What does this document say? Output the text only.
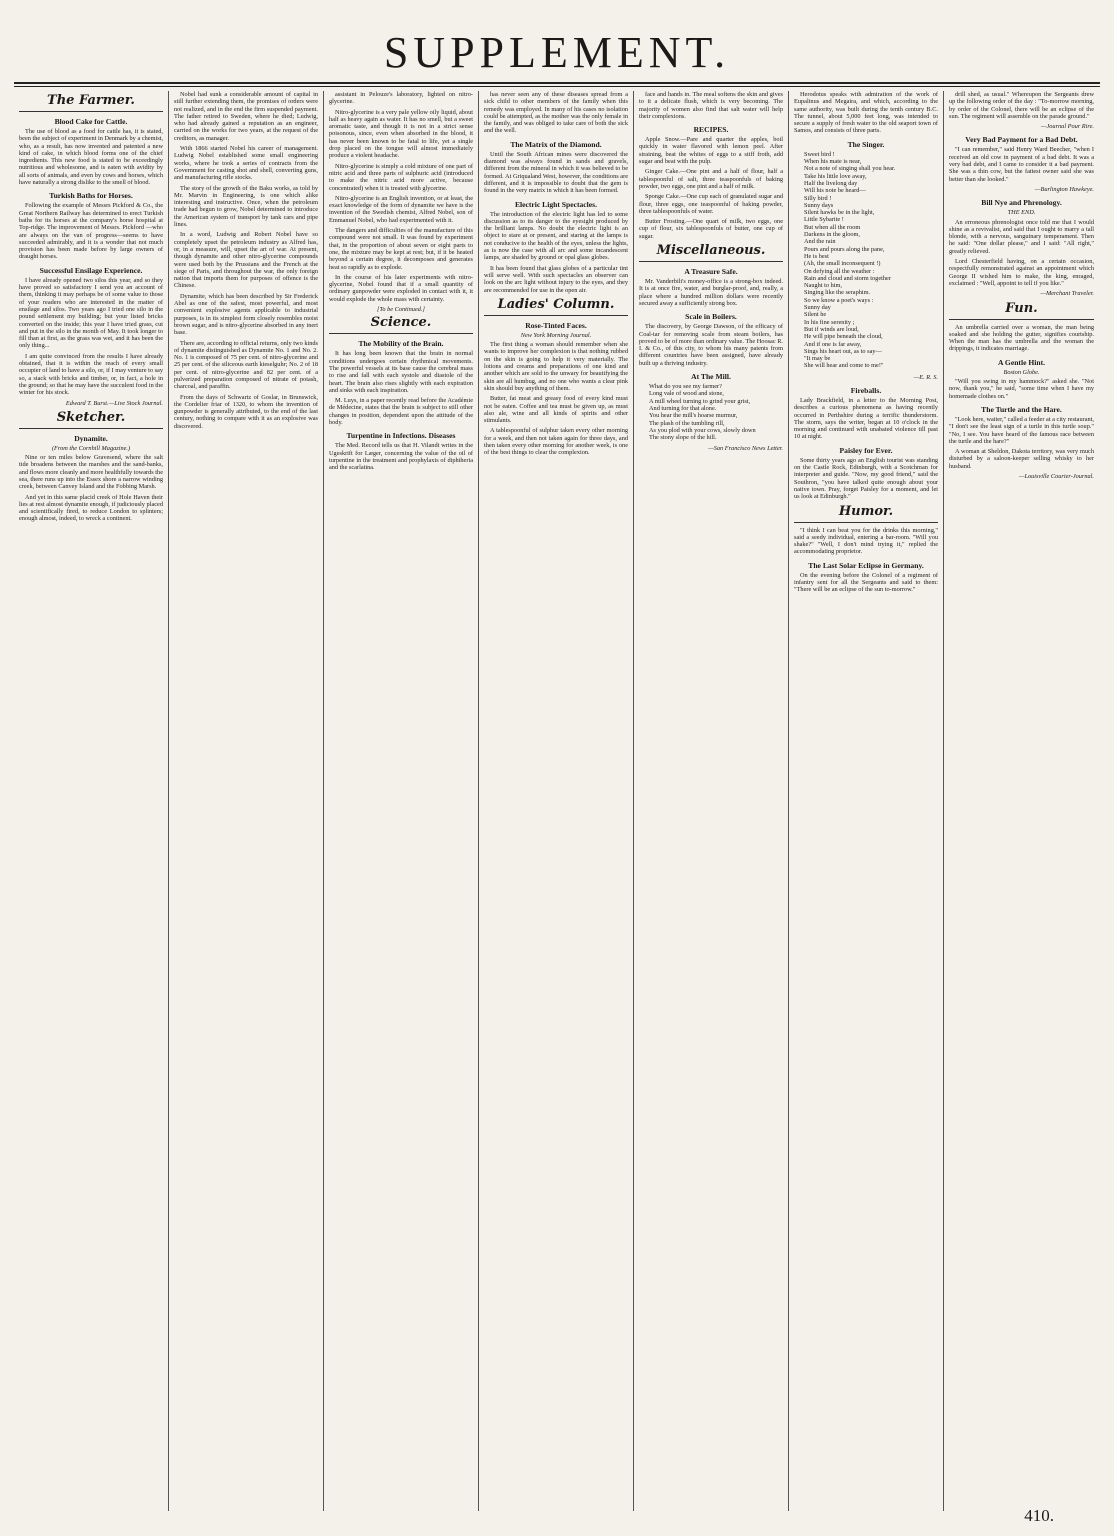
SUPPLEMENT.
The Farmer.
Blood Cake for Cattle.

The use of blood as a food for cattle has, it is stated, been the subject of experiment in Denmark by a chemist, who, as a result, has now invented and patented a new kind of cake, in which blood forms one of the chief ingredients. This new food is stated to be exceedingly nutritious and wholesome, and is eaten with avidity by all sorts of animals, and even by cows and horses, which have naturally a strong dislike to the smell of blood.

Turkish Baths for Horses.

Following the example of Messrs Pickford & Co., the Great Northern Railway has determined to erect Turkish baths for its horses at the company's horse hospital at Top-ridge. The improvement of Messrs. Pickford —who are always on the van of progress—seems to have succeeded admirably, and it is a wonder that not much provision has been made before by large owners of draught horses.

Successful Ensilage Experience.

I have already opened two silos this year, and so they have proved so satisfactory I send you an account of them, thinking it may perhaps be of some value to those of your readers who are interested in the matter of ensilage and silos. Two years ago I tried one silo in the pound settlement my building; but your listed bricks converted on the inside; this year I have tried grass, cut and put in the silo in the month of May. It took longer to fill than at first, as the grass was wet, and it has been the only thing...

I am quite convinced from the results I have already obtained, that it is within the reach of every small occupier of land to have a silo, or, if I may venture to say so, a stack with bricks and timber, or, in fact, a hole in the ground; so that he may have the succulent food in the winter for his stock.

Edward T. Burst.—Live Stock Journal.
Sketcher.
Dynamite.
(From the Cornhill Magazine.)

Nine or ten miles below Gravesend, where the salt tide broadens between the marshes and the sand-banks, and flows more cleanly and more healthfully towards the sea, there runs up into the Essex shore a narrow winding creek, between Canvey Island and the Fobbing Marsh.

And yet in this same placid creek of Hole Haven their lies at rest almost dynamite enough, if judiciously placed and scientifically fired, to reduce London to splinters; enough almost, indeed, to wreck a continent.

Nobel had sunk a considerable amount of capital in still further extending them, the promises of orders were not realized, and in the end the firm suspended payment. The father retired to Sweden, where he died; Ludwig, who had already gained a reputation as an engineer, carried on the works for two years, at the request of the creditors, as manager.

With 1866 started Nobel his career of management. Ludwig Nobel established some small engineering works, where he took a series of contracts from the Government for casting shot and shell, converting guns, and manufacturing rifle stocks.

The story of the growth of the Baku works, as told by Mr. Marvin in Engineering, is one which alike interesting and instructive. Once, when the petroleum trade had begun to grow, Nobel determined to introduce the American system of transport by tank cars and pipe lines.

In a word, Ludwig and Robert Nobel have so completely upset the petroleum industry as Alfred has, or, in a measure, will, upset the art of war. At present, though dynamite and other nitro-glycerine compounds were used both by the Prussians and the French at the siege of Paris, and throughout the war, the only foreign nation that imports them for purposes of offence is the Chinese.

Dynamite, which has been described by Sir Frederick Abel as one of the safest, most powerful, and most convenient explosive agents applicable to industrial purposes, is in its simplest form closely resembles moist brown sugar, and is nitro-glycerine absorbed in any inert base.

There are, according to official returns, only two kinds of dynamite distinguished as Dynamite No. 1 and No. 2. No. 1 is composed of 75 per cent. of nitro-glycerine and 25 per cent. of the siliceous earth kieselguhr; No. 2 of 18 per cent. of nitro-glycerine and 82 per cent. of a pulverized preparation composed of nitrate of potash, charcoal, and paraffin.

From the days of Schwartz of Goslar, in Brunswick, the Cordelier friar of 1320, to whom the invention of gunpowder is generally attributed, to the end of the last century, nothing to compare with it as an explosive was discovered.

assistant in Pelouze's laboratory, lighted on nitro-glycerine.

Nitro-glycerine is a very pale yellow oily liquid, about half as heavy again as water. It has no smell, but a sweet aromatic taste, and though it is not in a strict sense poisonous, since, even when absorbed in the blood, it has never been known to be fatal to life, yet a single drop placed on the tongue will almost immediately produce a violent headache.

Nitro-glycerine is simply a cold mixture of one part of nitric acid and three parts of sulphuric acid (introduced to make the nitric acid more active, because concentrated) when it is treated with glycerine.

Nitro-glycerine is an English invention, or at least, the exact knowledge of the form of dynamite we have is the invention of the Swedish chemist, Alfred Nobel, son of Emmanuel Nobel, who had experimented with it.

The dangers and difficulties of the manufacture of this compound were not small. It was found by experiment that, in the proportion of about seven or eight parts to one, the mixture may be kept at rest; but, if it be heated beyond a certain degree, it decomposes and generates heat so rapidly as to explode.

In the course of his later experiments with nitro-glycerine, Nobel found that if a small quantity of ordinary gunpowder were exploded in contact with it, it would explode the whole mass with certainty.

[To be Continued.]
Science.
The Mobility of the Brain.

It has long been known that the brain in normal conditions undergoes certain rhythmical movements. The powerful vessels at its base cause the cerebral mass to rise and fall with each systole and diastole of the heart. The brain also rises slightly with each expiration and sinks with each inspiration.

M. Luys, in a paper recently read before the Académie de Médecine, states that the brain is subject to still other changes in position, dependent upon the attitude of the body.

Turpentine in Infections. Diseases

The Med. Record tells us that H. Vilandt writes in the Ugeskrift for Læger, concerning the value of the oil of turpentine in the treatment and prophylaxis of diphtheria and the scarlatina.

has never seen any of these diseases spread from a sick child to other members of the family when this remedy was employed. In many of his cases no isolation could be attempted, as the mother was the only female in the family, and was obliged to take care of both the sick and the well.

The Matrix of the Diamond.

Until the South African mines were discovered the diamond was always found in sands and gravels, different from the mineral in which it was believed to be formed. At Griqualand West, however, the conditions are different, and it is impossible to doubt that the gem is found in the very matrix in which it has been formed.

Electric Light Spectacles.

The introduction of the electric light has led to some discussion as to its danger to the eyesight produced by the brilliant lamps. No doubt the electric light is an object to stare at or present, and staring at the lamps is not conducive to the health of the eyes, unless the lights, as is now the case with all arc and some incandescent lamps, are shaded by ground or opal glass globes.

It has been found that glass globes of a particular tint will serve well. With such spectacles an observer can look on the arc light without injury to the eyes, and they are recommended for use in the open air.

Ladies' Column.
Rose-Tinted Faces.
New York Morning Journal.

The first thing a woman should remember when she wants to improve her complexion is that nothing rubbed on the skin is going to help it very materially. The lotions and creams and preparations of one kind and another which are sold to the unwary for beautifying the skin are all humbug, and no one who wants a clear pink skin should buy anything of them.

Butter, fat meat and greasy food of every kind must not be eaten. Coffee and tea must be given up, as must also ale, wine and all kinds of spirits and other stimulants.

A tablespoonful of sulphur taken every other morning for a week, and then not taken again for three days, and then taken every other morning for another week, is one of the best things to clear the complexion.

face and hands in. The meal softens the skin and gives to it a delicate flush, which is very becoming. The majority of women also find that salt water will help their complexions.

RECIPES.

Apple Snow.—Pare and quarter the apples, boil quickly in water flavored with lemon peel. After straining, beat the whites of eggs to a stiff froth, add sugar and beat with the pulp.

Ginger Cake.—One pint and a half of flour, half a tablespoonful of salt, three teaspoonfuls of baking powder, two eggs, one pint and a half of milk.

Sponge Cake.—One cup each of granulated sugar and flour, three eggs, one teaspoonful of baking powder, three tablespoonfuls of water.

Butter Frosting.—One quart of milk, two eggs, one cup of flour, six tablespoonfuls of butter, one cup of sugar.

Miscellaneous.
A Treasure Safe.

Mr. Vanderbilt's money-office is a strong-box indeed. It is at once fire, water, and burglar-proof, and, really, a place where a hundred million dollars were recently secured away a sufficiently strong box.

Scale in Boilers.

The discovery, by George Dawson, of the efficacy of Coal-tar for removing scale from steam boilers, has proved to be of more than ordinary value. The Hoosac R. I. & Co., of this city, to whom his many patents from different countries have been assigned, have already built up a thriving industry.

At The Mill.
What do you see my farmer?
Long vale of wood and stone,
A mill wheel turning to grind your grist,
And turning for that alone.
You hear the mill's hoarse murmur,
The plash of the tumbling rill,
As you plod with your cows, slowly down
The stony slope of the hill.
—San Francisco News Letter.

Herodotus speaks with admiration of the work of Eupalinus and Megaira, and which, according to the same authority, was built during the tenth century B.C. The tunnel, about 5,000 feet long, was intended to secure a supply of fresh water to the old seaport town of Samos, and consists of three parts.

The Singer.
Sweet bird !
When his mate is near,
Not a note of singing shall you hear.
Take his little love away,
Half the livelong day
Will his note be heard—
Silly bird !
Sunny days
Silent hawks be in the light,
Little Sybarite !
But when all the room
Darkens in the gloom,
And the rain
Pours and pours along the pane,
He is best
(Ah, the small inconsequent !)
On defying all the weather :
Rain and cloud and storm together
Naught to him,
Singing like the seraphim.
So we know a poet's ways :
Sunny day
Silent he
In his fine serenity ;
But if winds are loud,
He will pipe beneath the cloud,
And if one is far away,
Sings his heart out, as to say—
"It may be
She will hear and come to me!"
—E. R. S.
Fireballs.

Lady Brackfield, in a letter to the Morning Post, describes a curious phenomena as having recently occurred in Perthshire during a terrific thunderstorm. The storm, says the writer, began at 10 o'clock in the morning and continued with unabated violence till past 10 at night.

Paisley for Ever.

Some thirty years ago an English tourist was standing on the Castle Rock, Edinburgh, with a Scotchman for interpreter and guide. "Now, my good friend," said the Southron, "you have talked quite enough about your native town. Pray, forget Paisley for a moment, and let us look at Edinburgh."

Humor.

"I think I can beat you for the drinks this morning," said a seedy individual, entering a bar-room. "Will you shake?" "Well, I don't mind trying it," replied the accommodating proprietor.

The Last Solar Eclipse in Germany.

On the evening before the Colonel of a regiment of infantry sent for all the Sergeants and said to them: "There will be an eclipse of the sun to-morrow."

drill shed, as usual." Whereupon the Sergeants drew up the following order of the day : "To-morrow morning, by order of the Colonel, there will be an eclipse of the sun. The regiment will assemble on the parade ground."

—Journal Pour Rire.
Very Bad Payment for a Bad Debt.

"I can remember," said Henry Ward Beecher, "when I received an old cow in payment of a bad debt. It was a very bad debt, and I came to consider it a bad payment. She was a thin cow, but the fattest owner said she was better than she looked."

—Burlington Hawkeye.
Bill Nye and Phrenology.
THE END.

An erroneous phrenologist once told me that I would shine as a revivalist, and said that I ought to marry a tall blonde, with a nervous, sanguinary temperament. Then he said: "One dollar please," and I said: "All right," greatly relieved.

Lord Chesterfield having, on a certain occasion, respectfully remonstrated against an appointment which George II wished him to make, the king, enraged, exclaimed : "Well, appoint to tell if you like."

—Merchant Traveler.
Fun.

An umbrella carried over a woman, the man being soaked and she holding the gutter, signifies courtship. When the man has the umbrella and the woman the drippings, it indicates marriage.

A Gentle Hint.
Boston Globe.

"Will you swing in my hammock?" asked she. "Not now, thank you," he said, "some time when I have my homemade clothes on."

The Turtle and the Hare.

"Look here, waiter," called a feeder at a city restaurant, "I don't see the least sign of a turtle in this turtle soup." "No, I see. You have heard of the famous race between the turtle and the hare?"

A woman at Sheldon, Dakota territory, was very much disturbed by a saloon-keeper selling whisky to her husband.

—Louisville Courier-Journal.
410.
